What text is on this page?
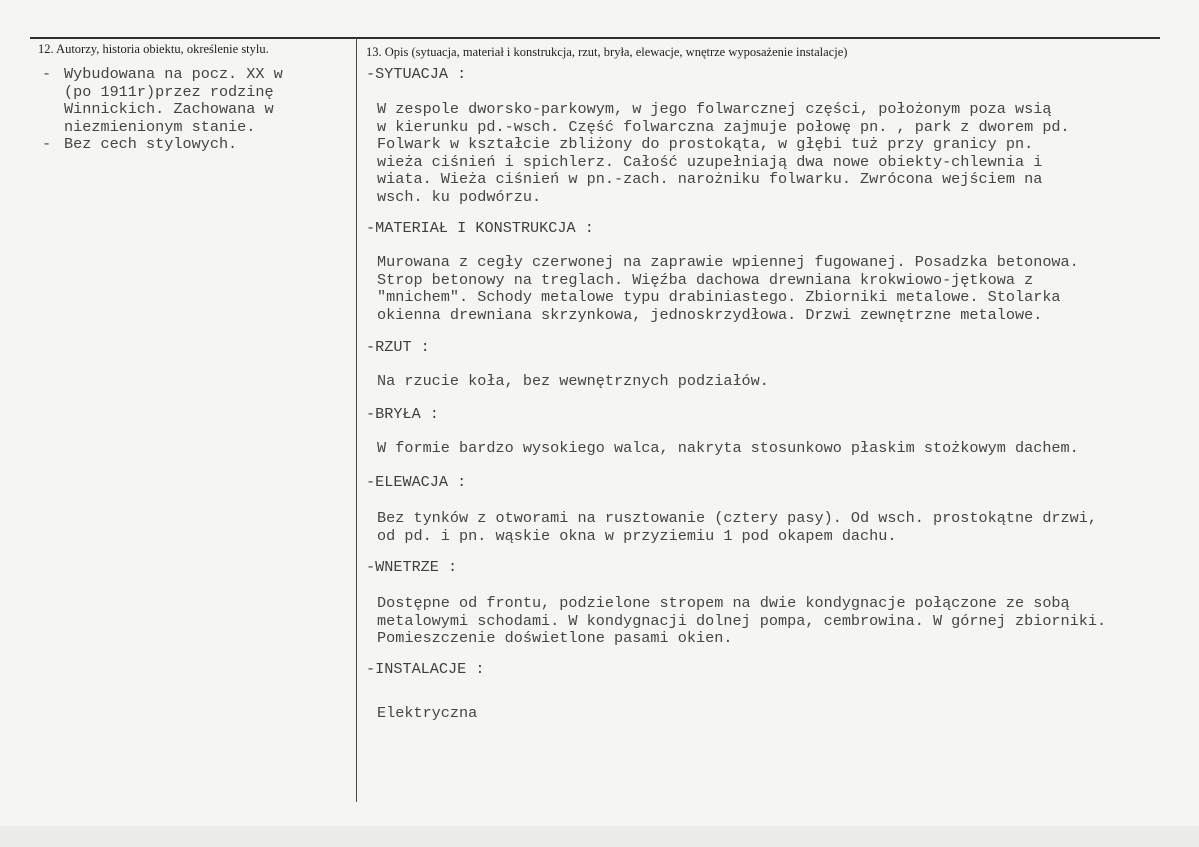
12. Autorzy, historia obiektu, określenie stylu.

- Wybudowana na pocz. XX w
(po 1911r)przez rodzinę
Winnickich. Zachowana w
niezmienionym stanie.
- Bez cech stylowych.

13. Opis (sytuacja, materiał i konstrukcja, rzut, bryła, elewacje, wnętrze wyposażenie instalacje)

-SYTUACJA :
W zespole dworsko-parkowym, w jego folwarcznej części, położonym poza wsią
w kierunku pd.-wsch. Część folwarczna zajmuje połowę pn. , park z dworem pd.
Folwark w kształcie zbliżony do prostokąta, w głębi tuż przy granicy pn.
wieża ciśnień i spichlerz. Całość uzupełniają dwa nowe obiekty-chlewnia i
wiata. Wieża ciśnień w pn.-zach. narożniku folwarku. Zwrócona wejściem na
wsch. ku podwórzu.
-MATERIAŁ I KONSTRUKCJA :
Murowana z cegły czerwonej na zaprawie wpiennej fugowanej. Posadzka betonowa.
Strop betonowy na treglach. Więźba dachowa drewniana krokwiowo-jętkowa z
"mnichem". Schody metalowe typu drabiniastego. Zbiorniki metalowe. Stolarka
okienna drewniana skrzynkowa, jednoskrzydłowa. Drzwi zewnętrzne metalowe.
-RZUT :
Na rzucie koła, bez wewnętrznych podziałów.
-BRYŁA :
W formie bardzo wysokiego walca, nakryta stosunkowo płaskim stożkowym dachem.
-ELEWACJA :
Bez tynków z otworami na rusztowanie (cztery pasy). Od wsch. prostokątne drzwi,
od pd. i pn. wąskie okna w przyziemiu 1 pod okapem dachu.
-WNETRZE :
Dostępne od frontu, podzielone stropem na dwie kondygnacje połączone ze sobą
metalowymi schodami. W kondygnacji dolnej pompa, cembrowina. W górnej zbiorniki.
Pomieszczenie doświetlone pasami okien.
-INSTALACJE :
Elektryczna
